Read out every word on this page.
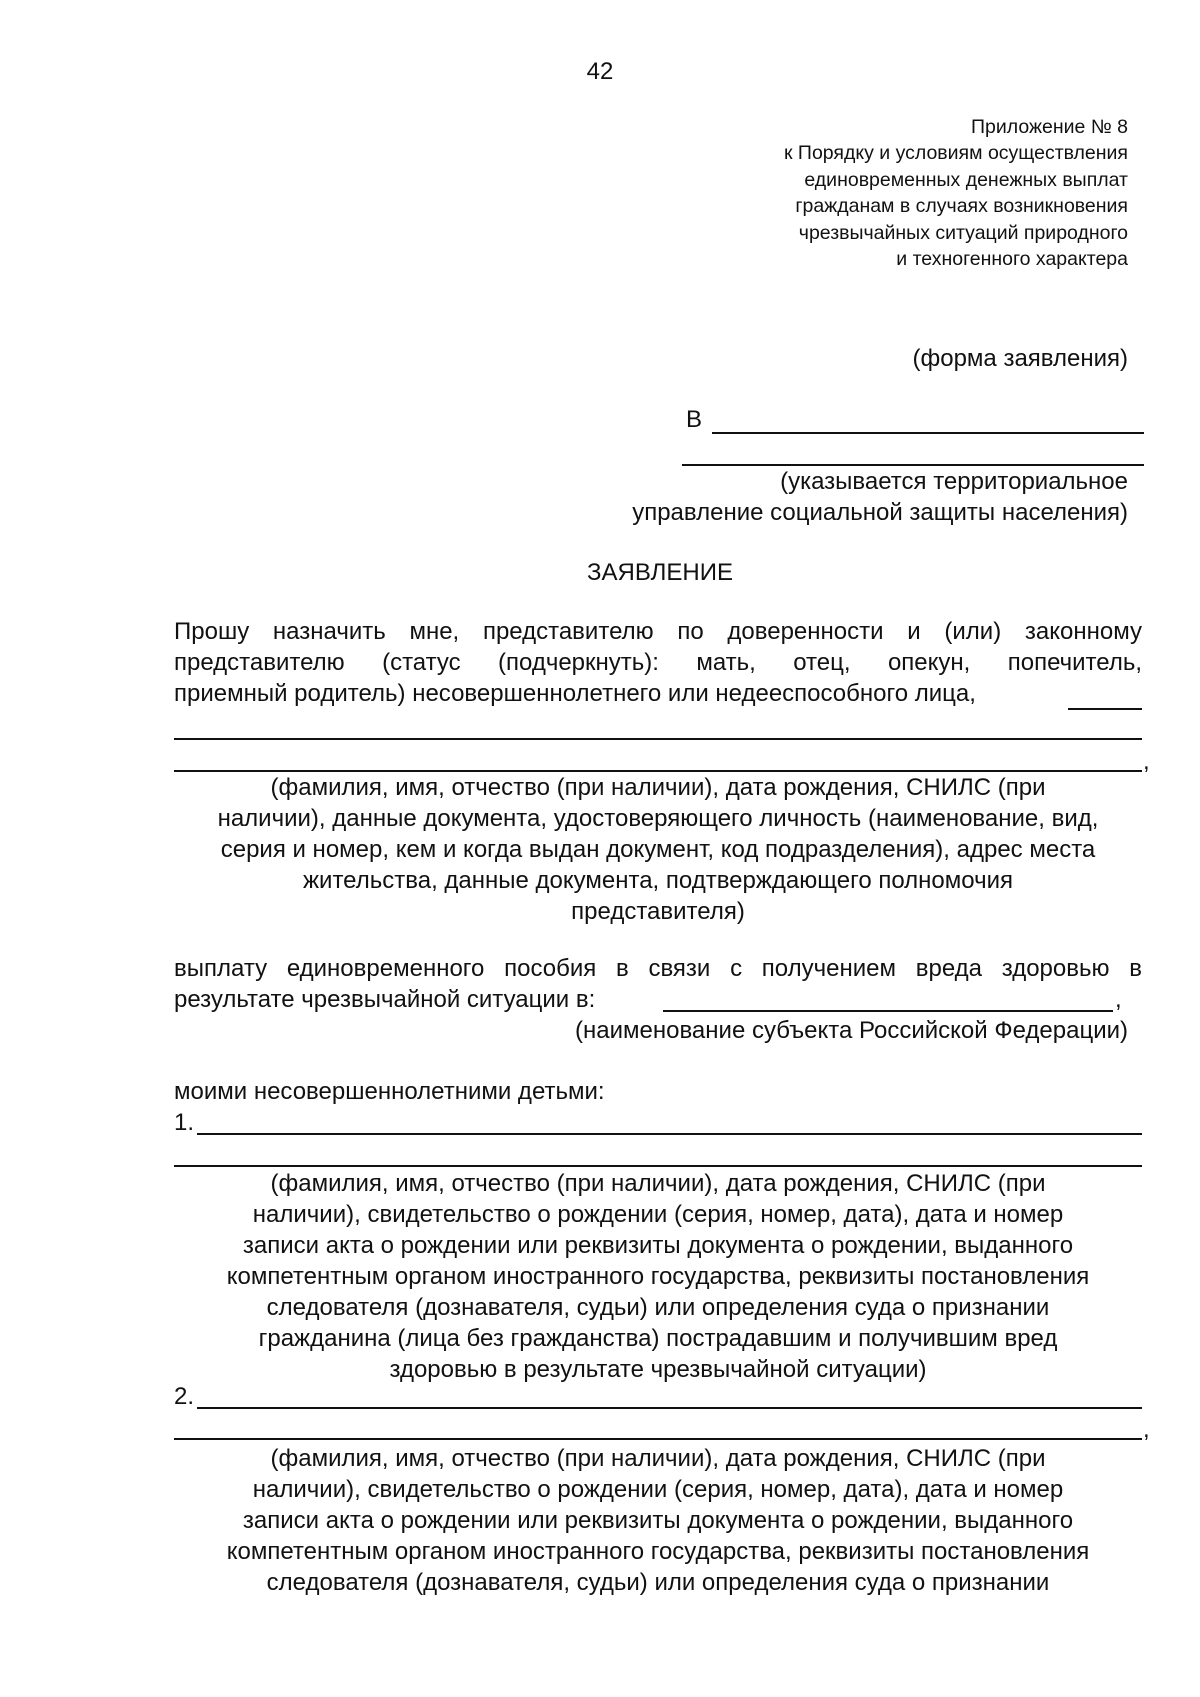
42
Приложение № 8
к Порядку и условиям осуществления
единовременных денежных выплат
гражданам в случаях возникновения
чрезвычайных ситуаций природного
и техногенного характера
(форма заявления)
В
(указывается территориальное
управление социальной защиты населения)
ЗАЯВЛЕНИЕ
Прошу назначить мне, представителю по доверенности и (или) законному
представителю (статус (подчеркнуть): мать, отец, опекун, попечитель,
приемный родитель) несовершеннолетнего или недееспособного лица,
,
(фамилия, имя, отчество (при наличии), дата рождения, СНИЛС (при
наличии), данные документа, удостоверяющего личность (наименование, вид,
серия и номер, кем и когда выдан документ, код подразделения), адрес места
жительства, данные документа, подтверждающего полномочия
представителя)
выплату единовременного пособия в связи с получением вреда здоровью в
результате чрезвычайной ситуации в:	,
(наименование субъекта Российской Федерации)
моими несовершеннолетними детьми:
1.
(фамилия, имя, отчество (при наличии), дата рождения, СНИЛС (при
наличии), свидетельство о рождении (серия, номер, дата), дата и номер
записи акта о рождении или реквизиты документа о рождении, выданного
компетентным органом иностранного государства, реквизиты постановления
следователя (дознавателя, судьи) или определения суда о признании
гражданина (лица без гражданства) пострадавшим и получившим вред
здоровью в результате чрезвычайной ситуации)
2.
,
(фамилия, имя, отчество (при наличии), дата рождения, СНИЛС (при
наличии), свидетельство о рождении (серия, номер, дата), дата и номер
записи акта о рождении или реквизиты документа о рождении, выданного
компетентным органом иностранного государства, реквизиты постановления
следователя (дознавателя, судьи) или определения суда о признании
